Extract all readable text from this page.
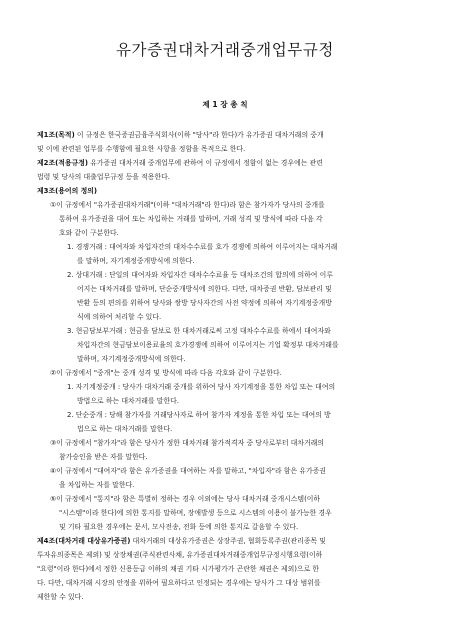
유가증권대차거래중개업무규정
제 1 장 총 칙
제1조(목적) 이 규정은 한국증권금융주식회사(이하 "당사"라 한다)가 유가증권 대차거래의 중개
및 이에 관련된 업무를 수행함에 필요한 사항을 정함을 목적으로 한다.
제2조(적용규정) 유가증권 대차거래 중개업무에 관하여 이 규정에서 정함이 없는 경우에는 관련
법령 및 당사의 대출업무규정 등을 적용한다.
제3조(용어의 정의)
①이 규정에서 "유가증권대차거래"(이하 "대차거래"라 한다)라 함은 참가자가 당사의 중개를
통하여 유가증권을 대여 또는 차입하는 거래를 말하며, 거래 성격 및 방식에 따라 다음 각
호와 같이 구분한다.
1. 경쟁거래 : 대여자와 차입자간의 대차수수료를 호가 경쟁에 의하여 이루어지는 대차거래
를 말하며, 자기계정중개방식에 의한다.
2. 상대거래 : 단일의 대여자와 차입자간 대차수수료율 등 대차조건의 합의에 의하여 이루
어지는 대차거래를 말하며, 단순중개방식에 의한다. 다만, 대차증권 반환, 담보관리 및
반환 등의 편의를 위하여 당사와 쌍방 당사자간의 사전 약정에 의하여 자기계정중개방
식에 의하여 처리할 수 있다.
3. 현금담보부거래 : 현금을 담보로 한 대차거래로써 고정 대차수수료를 하에서 대여자와
차입자간의 현금담보이용료율의 호가경쟁에 의하여 이루어지는 기업 확정부 대차거래를
말하며, 자기계정중개방식에 의한다.
②이 규정에서 "중개"는 중개 성격 및 방식에 따라 다음 각호와 같이 구분한다.
1. 자기계정중개 : 당사가 대차거래 중개를 위하여 당사 자기계정을 통한 차입 또는 대여의
방법으로 하는 대차거래를 말한다.
2. 단순중개 : 당해 참가자를 거래당사자로 하여 참가자 계정을 통한 차입 또는 대여의 방
법으로 하는 대차거래를 말한다.
③이 규정에서 "참가자"라 함은 당사가 정한 대차거래 참가적격자 중 당사로부터 대차거래의
참가승인을 받은 자를 말한다.
④이 규정에서 "대여자"라 함은 유가증권을 대여하는 자를 말하고, "차입자"라 함은 유가증권
을 차입하는 자를 말한다.
⑤이 규정에서 "통지"라 함은 특별히 정하는 경우 이외에는 당사 대차거래 중개시스템(이하
"시스템"이라 한다)에 의한 통지를 말하며, 장애발생 등으로 시스템의 이용이 불가능한 경우
및 기타 필요한 경우에는 문서, 모사전송, 전화 등에 의한 통지로 갈음할 수 있다.
제4조(대차거래 대상유가증권) 대차거래의 대상유가증권은 상장주권, 협회등록주권(관리종목 및
투자유의종목은 제외) 및 상장채권(주식관련사채, 유가증권대차거래중개업무규정시행요령(이하
"요령"이라 한다)에서 정한 신용등급 이하의 채권 기타 시가평가가 곤란한 채권은 제외)으로 한
다. 다만, 대차거래 시장의 안정을 위하여 필요하다고 인정되는 경우에는 당사가 그 대상 범위를
제한할 수 있다.
